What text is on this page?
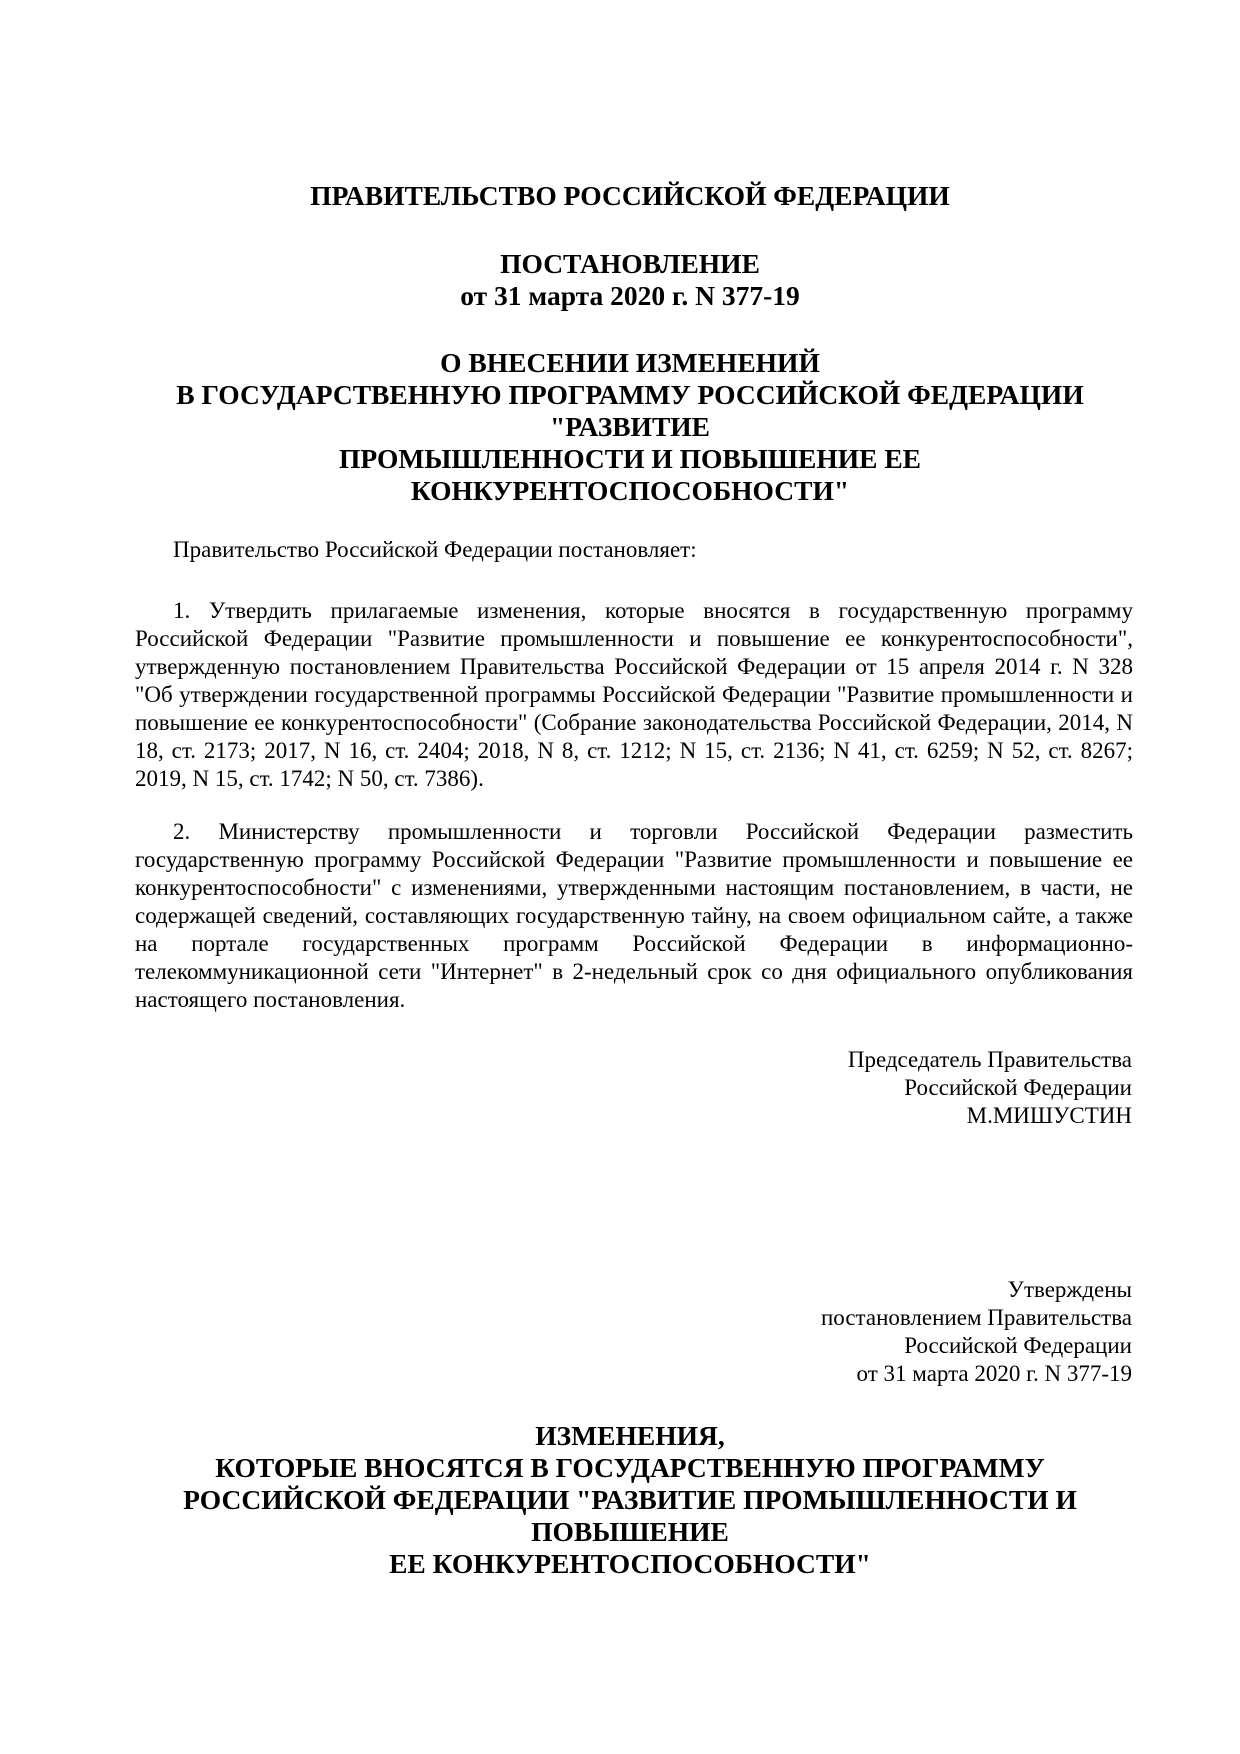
ПРАВИТЕЛЬСТВО РОССИЙСКОЙ ФЕДЕРАЦИИ
ПОСТАНОВЛЕНИЕ
от 31 марта 2020 г. N 377-19
О ВНЕСЕНИИ ИЗМЕНЕНИЙ
В ГОСУДАРСТВЕННУЮ ПРОГРАММУ РОССИЙСКОЙ ФЕДЕРАЦИИ
"РАЗВИТИЕ
ПРОМЫШЛЕННОСТИ И ПОВЫШЕНИЕ ЕЕ
КОНКУРЕНТОСПОСОБНОСТИ"

Правительство Российской Федерации постановляет:

1. Утвердить прилагаемые изменения, которые вносятся в государственную программу Российской Федерации "Развитие промышленности и повышение ее конкурентоспособности", утвержденную постановлением Правительства Российской Федерации от 15 апреля 2014 г. N 328 "Об утверждении государственной программы Российской Федерации "Развитие промышленности и повышение ее конкурентоспособности" (Собрание законодательства Российской Федерации, 2014, N 18, ст. 2173; 2017, N 16, ст. 2404; 2018, N 8, ст. 1212; N 15, ст. 2136; N 41, ст. 6259; N 52, ст. 8267; 2019, N 15, ст. 1742; N 50, ст. 7386).

2. Министерству промышленности и торговли Российской Федерации разместить государственную программу Российской Федерации "Развитие промышленности и повышение ее конкурентоспособности" с изменениями, утвержденными настоящим постановлением, в части, не содержащей сведений, составляющих государственную тайну, на своем официальном сайте, а также на портале государственных программ Российской Федерации в информационно-телекоммуникационной сети "Интернет" в 2-недельный срок со дня официального опубликования настоящего постановления.

Председатель Правительства
Российской Федерации
М.МИШУСТИН
Утверждены
постановлением Правительства
Российской Федерации
от 31 марта 2020 г. N 377-19
ИЗМЕНЕНИЯ,
КОТОРЫЕ ВНОСЯТСЯ В ГОСУДАРСТВЕННУЮ ПРОГРАММУ
РОССИЙСКОЙ ФЕДЕРАЦИИ "РАЗВИТИЕ ПРОМЫШЛЕННОСТИ И
ПОВЫШЕНИЕ
ЕЕ КОНКУРЕНТОСПОСОБНОСТИ"
